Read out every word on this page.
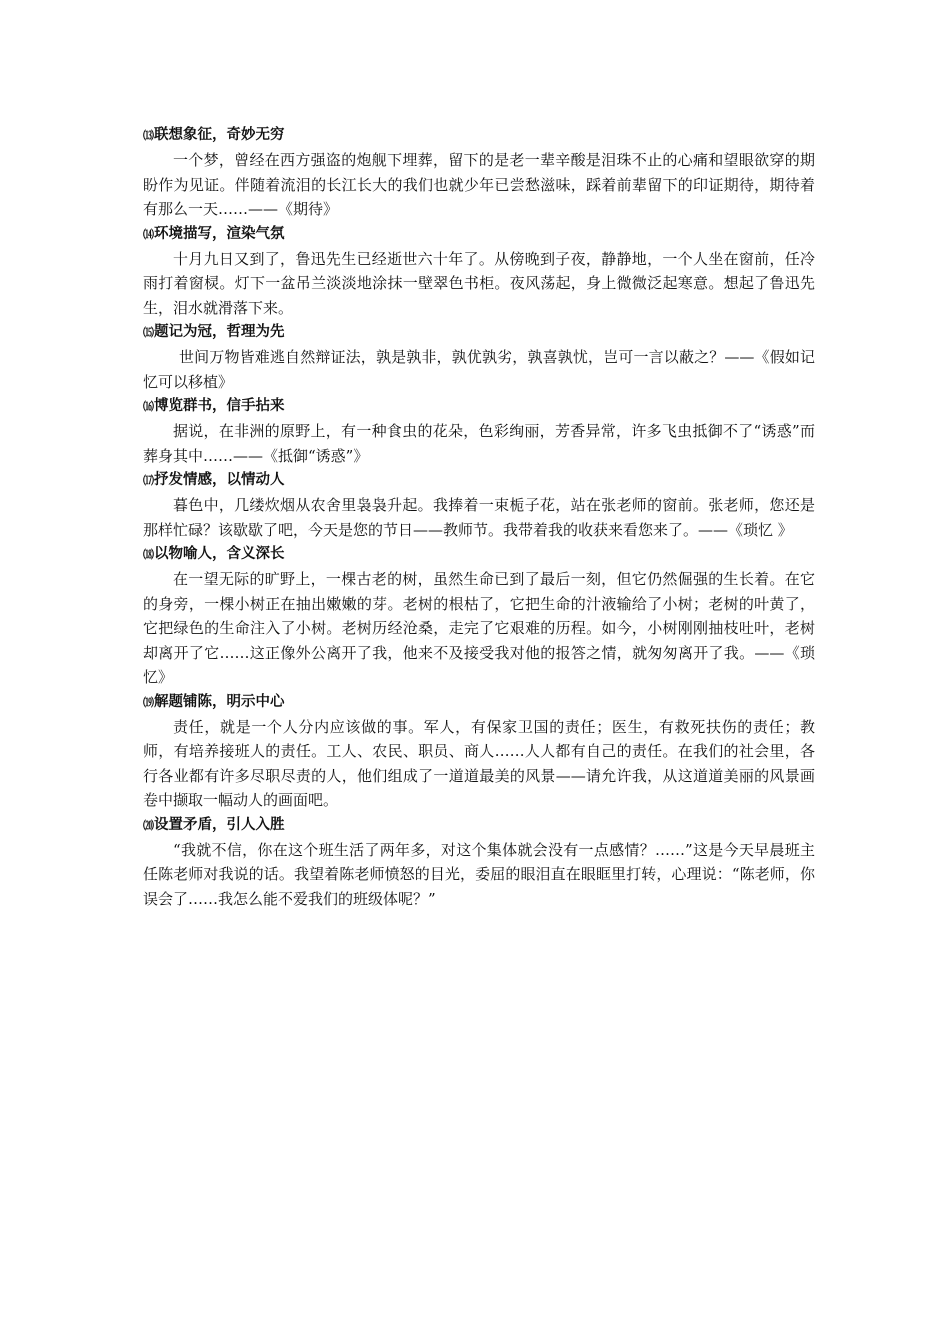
⒀联想象征，奇妙无穷

一个梦，曾经在西方强盗的炮舰下埋葬，留下的是老一辈辛酸是泪珠不止的心痛和望眼欲穿的期盼作为见证。伴随着流泪的长江长大的我们也就少年已尝愁滋味，踩着前辈留下的印证期待，期待着有那么一天……——《期待》

⒁环境描写，渲染气氛

十月九日又到了，鲁迅先生已经逝世六十年了。从傍晚到子夜，静静地，一个人坐在窗前，任冷雨打着窗棂。灯下一盆吊兰淡淡地涂抹一壁翠色书柜。夜风荡起，身上微微泛起寒意。想起了鲁迅先生，泪水就滑落下来。

⒂题记为冠，哲理为先

世间万物皆难逃自然辩证法，孰是孰非，孰优孰劣，孰喜孰忧，岂可一言以蔽之？——《假如记忆可以移植》

⒃博览群书，信手拈来

据说，在非洲的原野上，有一种食虫的花朵，色彩绚丽，芳香异常，许多飞虫抵御不了“诱惑”而葬身其中……——《抵御“诱惑”》

⒄抒发情感，以情动人

暮色中，几缕炊烟从农舍里袅袅升起。我捧着一束栀子花，站在张老师的窗前。张老师，您还是那样忙碌？该歇歇了吧，今天是您的节日——教师节。我带着我的收获来看您来了。——《琐忆 》

⒅以物喻人，含义深长

在一望无际的旷野上，一棵古老的树，虽然生命已到了最后一刻，但它仍然倔强的生长着。在它的身旁，一棵小树正在抽出嫩嫩的芽。老树的根枯了，它把生命的汁液输给了小树；老树的叶黄了，它把绿色的生命注入了小树。老树历经沧桑，走完了它艰难的历程。如今，小树刚刚抽枝吐叶，老树却离开了它……这正像外公离开了我，他来不及接受我对他的报答之情，就匆匆离开了我。——《琐忆》

⒆解题铺陈，明示中心

责任，就是一个人分内应该做的事。军人，有保家卫国的责任；医生，有救死扶伤的责任；教师，有培养接班人的责任。工人、农民、职员、商人……人人都有自己的责任。在我们的社会里，各行各业都有许多尽职尽责的人，他们组成了一道道最美的风景——请允许我，从这道道美丽的风景画卷中撷取一幅动人的画面吧。

⒇设置矛盾，引人入胜

“我就不信，你在这个班生活了两年多，对这个集体就会没有一点感情？……”这是今天早晨班主任陈老师对我说的话。我望着陈老师愤怒的目光，委屈的眼泪直在眼眶里打转，心理说：“陈老师，你误会了……我怎么能不爱我们的班级体呢？”
